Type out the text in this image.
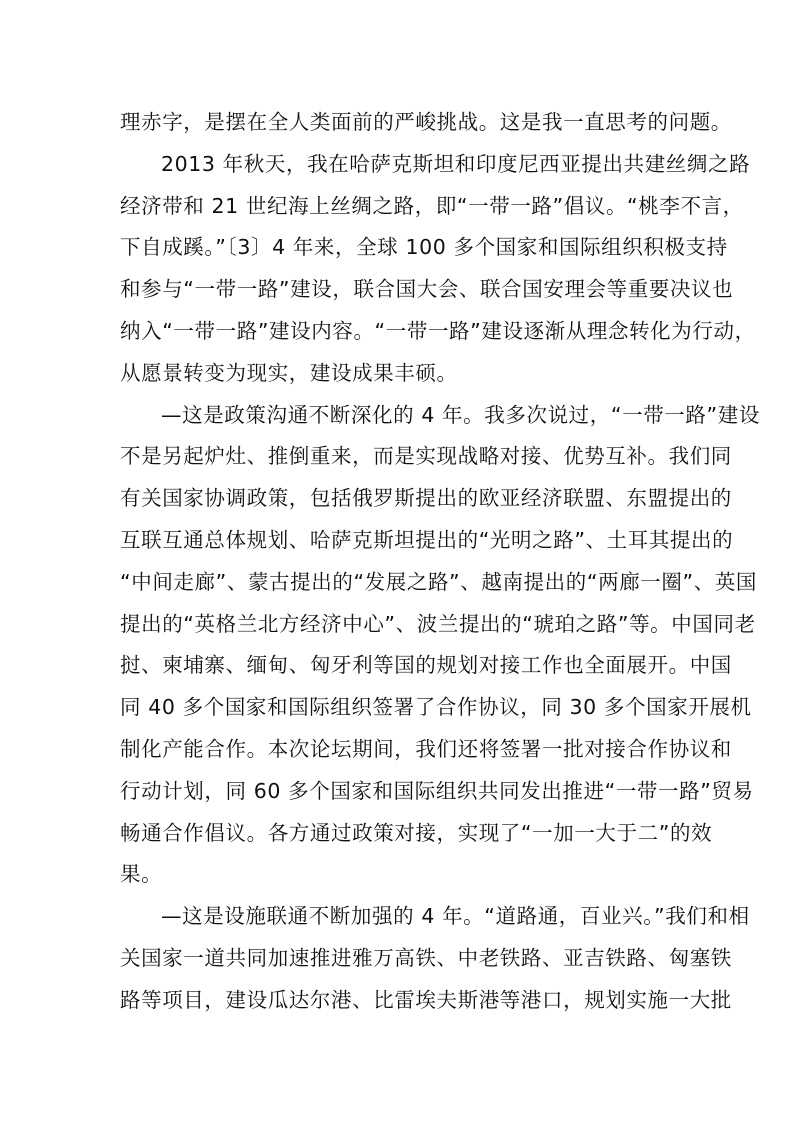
理赤字，是摆在全人类面前的严峻挑战。这是我一直思考的问题。
2013 年秋天，我在哈萨克斯坦和印度尼西亚提出共建丝绸之路
经济带和 21 世纪海上丝绸之路，即“一带一路”倡议。“桃李不言，
下自成蹊。”〔3〕4 年来，全球 100 多个国家和国际组织积极支持
和参与“一带一路”建设，联合国大会、联合国安理会等重要决议也
纳入“一带一路”建设内容。“一带一路”建设逐渐从理念转化为行动，
从愿景转变为现实，建设成果丰硕。
—这是政策沟通不断深化的 4 年。我多次说过，“一带一路”建设
不是另起炉灶、推倒重来，而是实现战略对接、优势互补。我们同
有关国家协调政策，包括俄罗斯提出的欧亚经济联盟、东盟提出的
互联互通总体规划、哈萨克斯坦提出的“光明之路”、土耳其提出的
“中间走廊”、蒙古提出的“发展之路”、越南提出的“两廊一圈”、英国
提出的“英格兰北方经济中心”、波兰提出的“琥珀之路”等。中国同老
挝、柬埔寨、缅甸、匈牙利等国的规划对接工作也全面展开。中国
同 40 多个国家和国际组织签署了合作协议，同 30 多个国家开展机
制化产能合作。本次论坛期间，我们还将签署一批对接合作协议和
行动计划，同 60 多个国家和国际组织共同发出推进“一带一路”贸易
畅通合作倡议。各方通过政策对接，实现了“一加一大于二”的效
果。
—这是设施联通不断加强的 4 年。“道路通，百业兴。”我们和相
关国家一道共同加速推进雅万高铁、中老铁路、亚吉铁路、匈塞铁
路等项目，建设瓜达尔港、比雷埃夫斯港等港口，规划实施一大批
